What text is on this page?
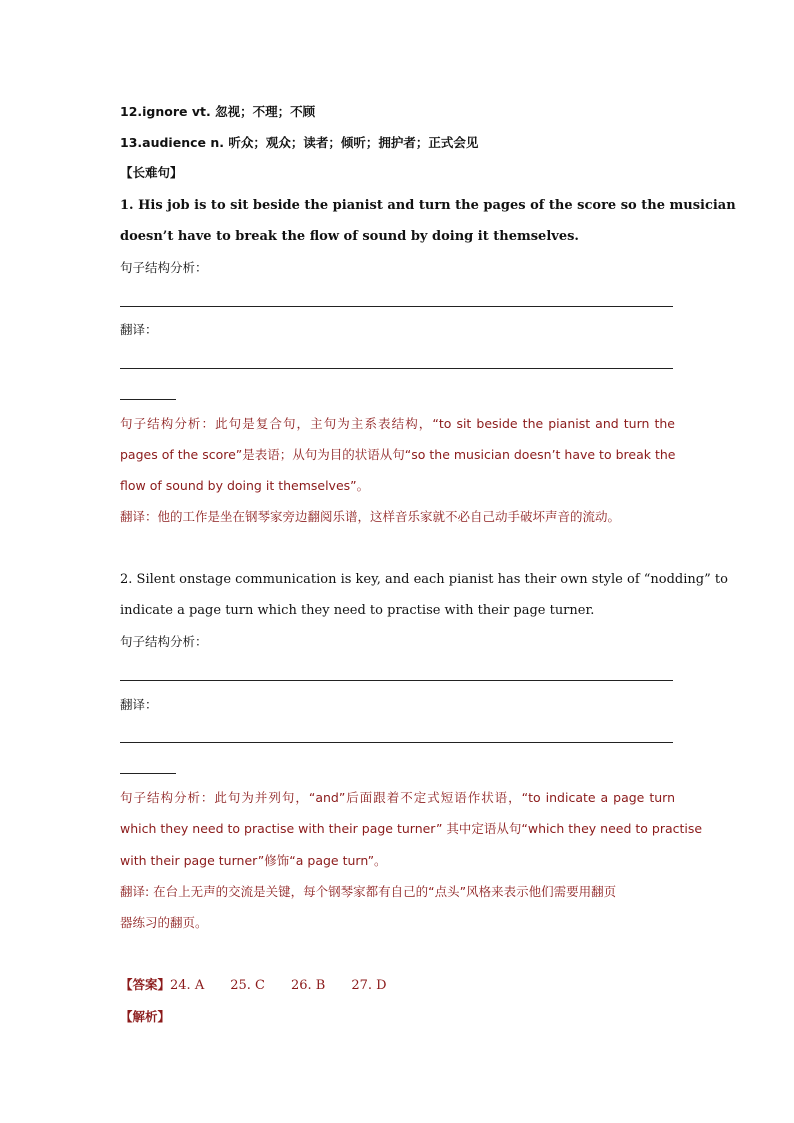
12.ignore vt. 忽视；不理；不顾
13.audience n. 听众；观众；读者；倾听；拥护者；正式会见
【长难句】
1. His job is to sit beside the pianist and turn the pages of the score so the musician
doesn’t have to break the flow of sound by doing it themselves.
句子结构分析：
翻译：
句子结构分析：此句是复合句，主句为主系表结构，“to sit beside the pianist and turn the
pages of the score”是表语；从句为目的状语从句“so the musician doesn’t have to break the
flow of sound by doing it themselves”。
翻译：他的工作是坐在钢琴家旁边翻阅乐谱，这样音乐家就不必自己动手破坏声音的流动。
2. Silent onstage communication is key, and each pianist has their own style of “nodding” to
indicate a page turn which they need to practise with their page turner.
句子结构分析：
翻译：
句子结构分析：此句为并列句，“and”后面跟着不定式短语作状语，“to indicate a page turn
which they need to practise with their page turner” 其中定语从句“which they need to practise
with their page turner”修饰“a page turn”。
翻译: 在台上无声的交流是关键，每个钢琴家都有自己的“点头”风格来表示他们需要用翻页
器练习的翻页。
【答案】24. A 25. C 26. B 27. D
【解析】
